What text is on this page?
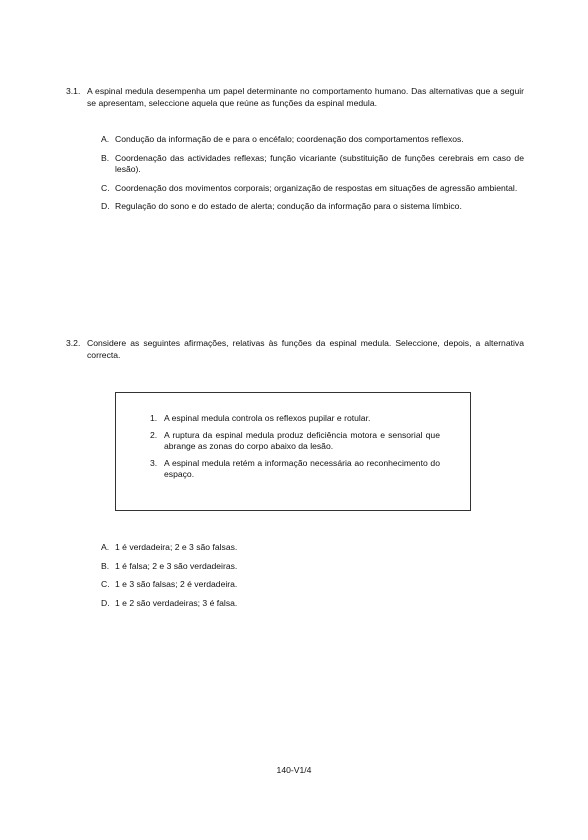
3.1. A espinal medula desempenha um papel determinante no comportamento humano. Das alternativas que a seguir se apresentam, seleccione aquela que reúne as funções da espinal medula.
A. Condução da informação de e para o encéfalo; coordenação dos comportamentos reflexos.
B. Coordenação das actividades reflexas; função vicariante (substituição de funções cerebrais em caso de lesão).
C. Coordenação dos movimentos corporais; organização de respostas em situações de agressão ambiental.
D. Regulação do sono e do estado de alerta; condução da informação para o sistema límbico.
3.2. Considere as seguintes afirmações, relativas às funções da espinal medula. Seleccione, depois, a alternativa correcta.
1. A espinal medula controla os reflexos pupilar e rotular.
2. A ruptura da espinal medula produz deficiência motora e sensorial que abrange as zonas do corpo abaixo da lesão.
3. A espinal medula retém a informação necessária ao reconhecimento do espaço.
A. 1 é verdadeira; 2 e 3 são falsas.
B. 1 é falsa; 2 e 3 são verdadeiras.
C. 1 e 3 são falsas; 2 é verdadeira.
D. 1 e 2 são verdadeiras; 3 é falsa.
140-V1/4
